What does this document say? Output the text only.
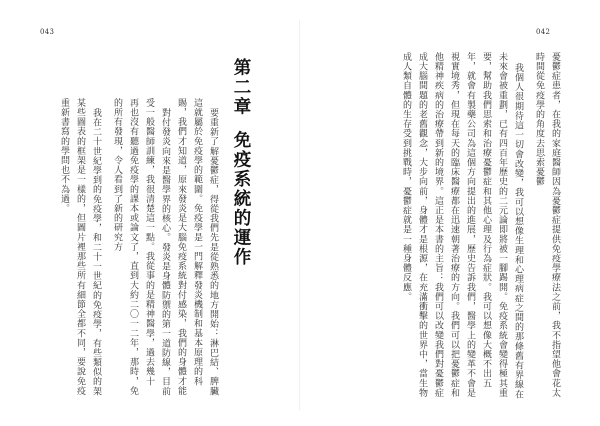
043	042
憂鬱症患者，在我的家庭醫師因為憂鬱症提供免疫學療法之前，我不指望他會花太
時間從免疫學的角度去思索憂鬱
我個人很期待這一切會改變，我可以想像生理和心理病症之間的那條舊有界線在
未來會被重劃，已有四百年歷史的二元論即將被一腳踢開。免疫系統會變得極其重
要，幫助我們思索和治療憂鬱症和其他心理及行為症狀。我可以想像大概不出五
年，就會有製藥公司為這個方向提出的進展，歷史告訴我們，醫學上的變革不會是
視實境秀，但現在每天的臨床醫療都在迅速朝著治療的方向。我們可以把憂鬱症和
他精神疾病的治療帶到新的境界。這正是本書的主旨：我們可以改變我們對憂鬱症
成大腦間題的老舊觀念，大步向前，身體才是根源，在充滿衝擊的世界中，當生物
成人類自體的生存受到挑戰時，憂鬱症就是一種身體反應。
第二章免疫系統的運作
要重新了解憂鬱症，得從我們先是從熟悉的地方開始：淋巴結、脾臟
這就屬於免疫學的範圍。免疫學是一門解釋發炎機制和基本原理的科
賜，我們才知道，原來發炎是大腦免疫系統對付感染，我們的身體才能
對付發炎向來是醫學界的核心。發炎是身體防禦的第一道防線，目前
受一般醫師訓練，我很清楚這一點。我從事的是精神醫學，過去幾十
再也沒有聽過免疫學的課本或論文了，直到大約二〇一二年，那時，免
的所有發現，令人看到了新的研究方
我在二十世紀學到的免疫學，和二十一世紀的免疫學，有些類似的架
某些圖表的框架是一樣的，但圖片裡那些所有細節全都不同，要說免疫
重新書寫的學問也不為過。
